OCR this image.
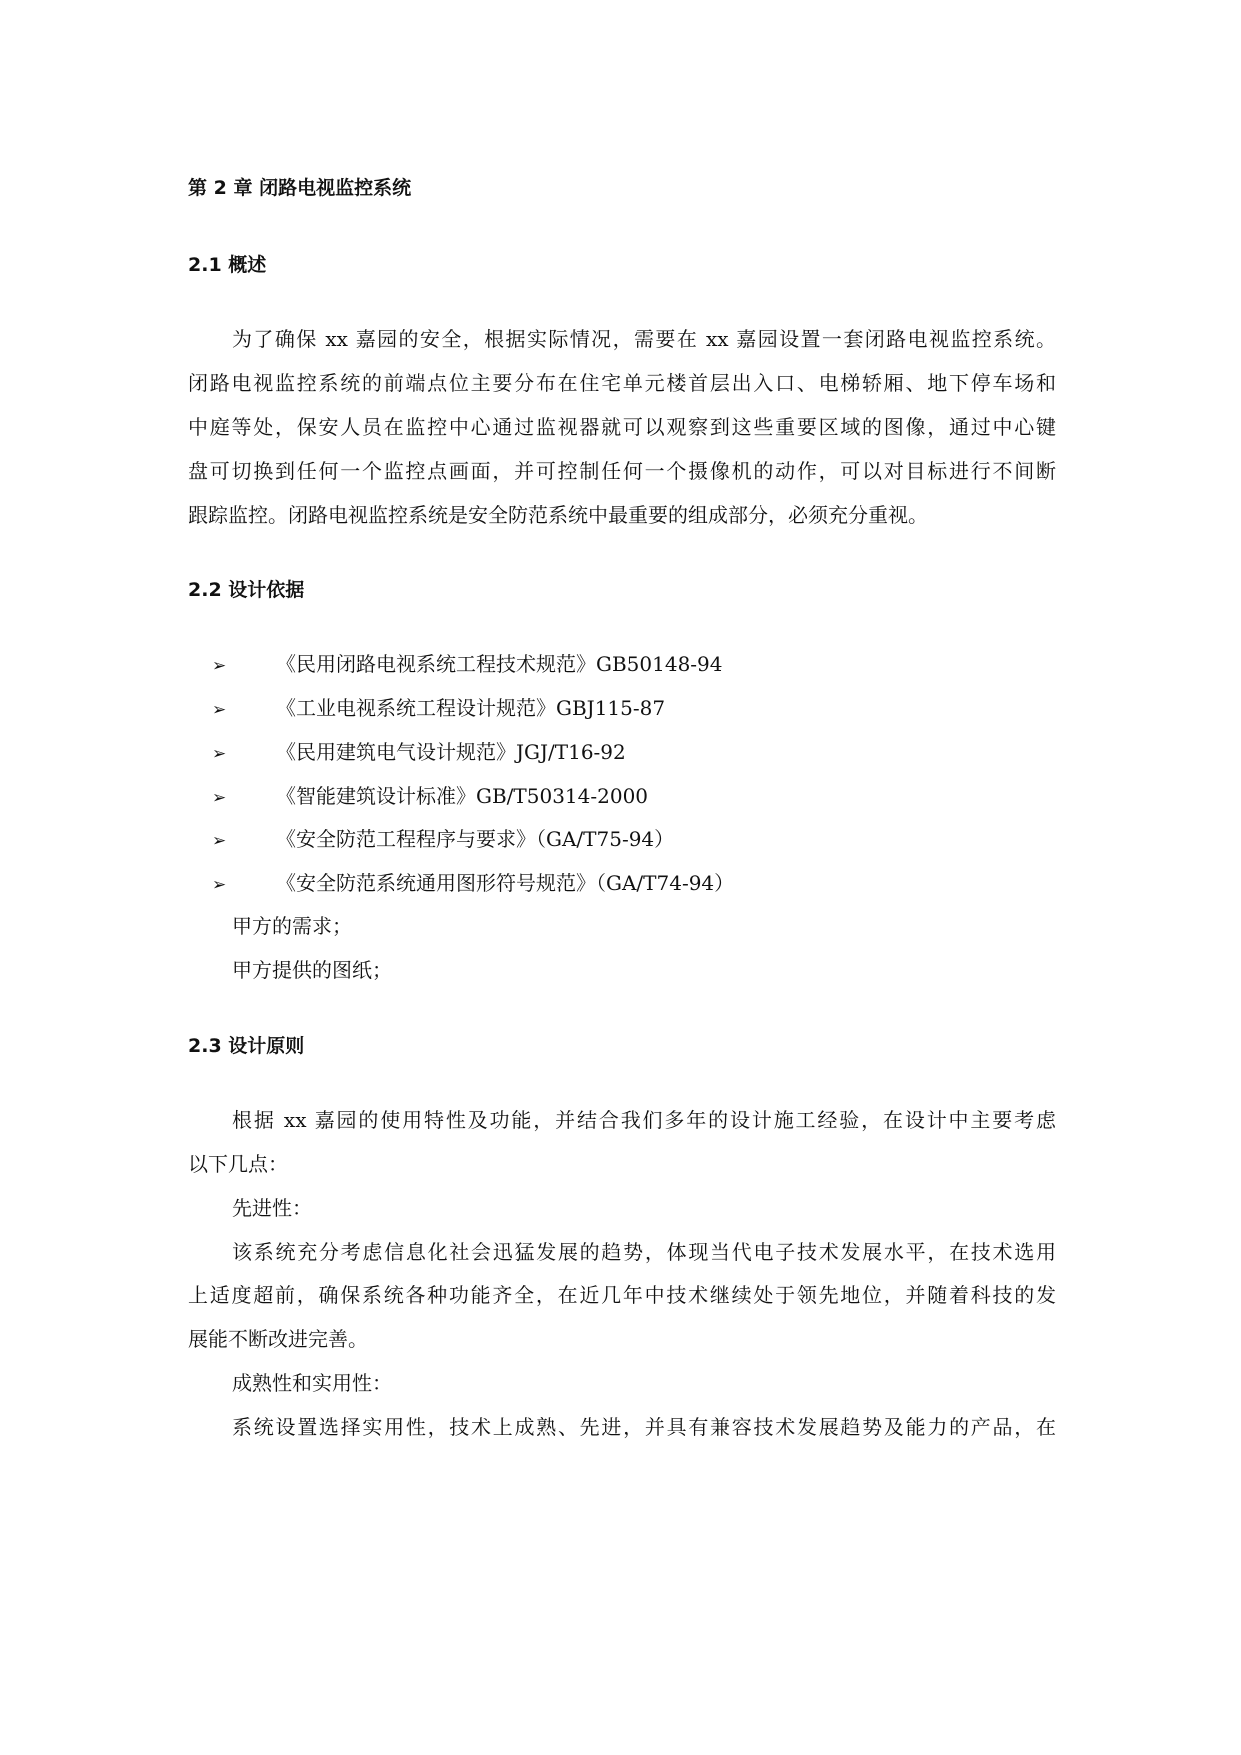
第 2 章 闭路电视监控系统
2.1 概述
为了确保 xx 嘉园的安全，根据实际情况，需要在 xx 嘉园设置一套闭路电视监控系统。
闭路电视监控系统的前端点位主要分布在住宅单元楼首层出入口、电梯轿厢、地下停车场和
中庭等处，保安人员在监控中心通过监视器就可以观察到这些重要区域的图像，通过中心键
盘可切换到任何一个监控点画面，并可控制任何一个摄像机的动作，可以对目标进行不间断
跟踪监控。闭路电视监控系统是安全防范系统中最重要的组成部分，必须充分重视。
2.2 设计依据
➢ 《民用闭路电视系统工程技术规范》GB50148-94
➢ 《工业电视系统工程设计规范》GBJ115-87
➢ 《民用建筑电气设计规范》JGJ/T16-92
➢ 《智能建筑设计标准》GB/T50314-2000
➢ 《安全防范工程程序与要求》（GA/T75-94）
➢ 《安全防范系统通用图形符号规范》（GA/T74-94）
甲方的需求；
甲方提供的图纸；
2.3 设计原则
根据 xx 嘉园的使用特性及功能，并结合我们多年的设计施工经验，在设计中主要考虑
以下几点：
先进性：
该系统充分考虑信息化社会迅猛发展的趋势，体现当代电子技术发展水平，在技术选用
上适度超前，确保系统各种功能齐全，在近几年中技术继续处于领先地位，并随着科技的发
展能不断改进完善。
成熟性和实用性：
系统设置选择实用性，技术上成熟、先进，并具有兼容技术发展趋势及能力的产品，在
